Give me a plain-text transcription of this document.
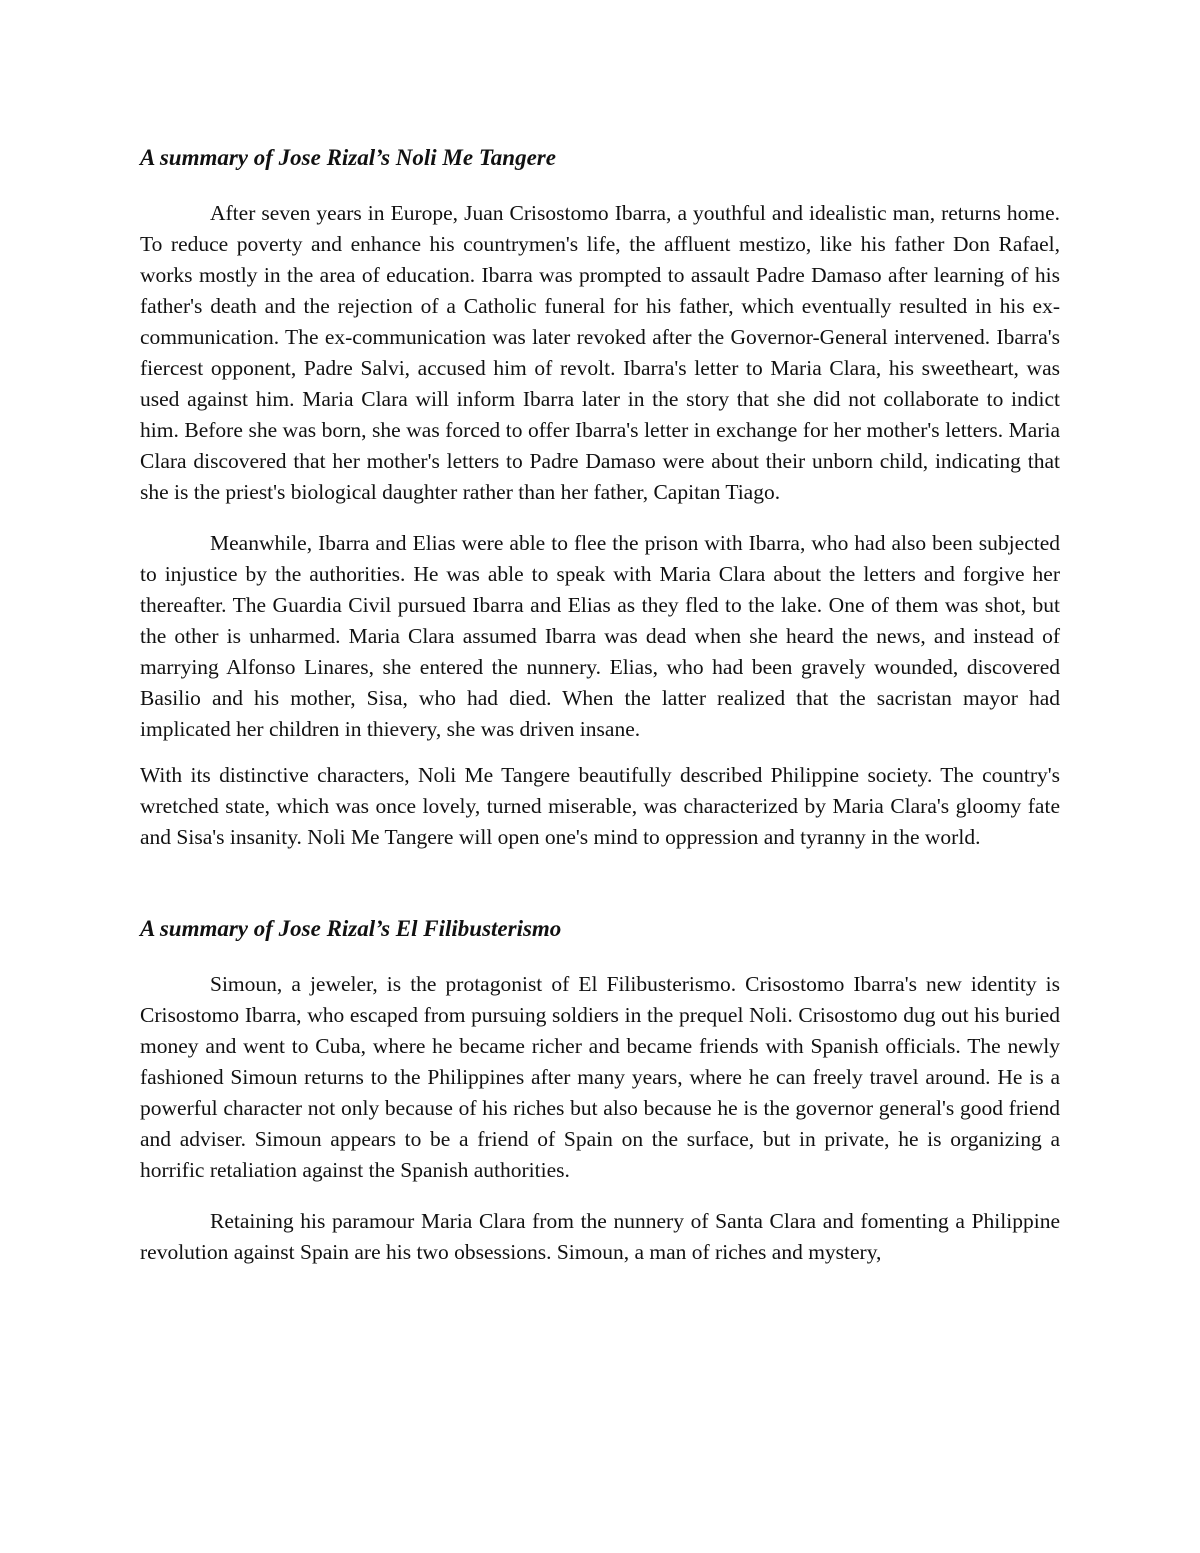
A summary of Jose Rizal’s Noli Me Tangere

After seven years in Europe, Juan Crisostomo Ibarra, a youthful and idealistic man, returns home. To reduce poverty and enhance his countrymen's life, the affluent mestizo, like his father Don Rafael, works mostly in the area of education. Ibarra was prompted to assault Padre Damaso after learning of his father's death and the rejection of a Catholic funeral for his father, which eventually resulted in his ex-communication. The ex-communication was later revoked after the Governor-General intervened. Ibarra's fiercest opponent, Padre Salvi, accused him of revolt. Ibarra's letter to Maria Clara, his sweetheart, was used against him. Maria Clara will inform Ibarra later in the story that she did not collaborate to indict him. Before she was born, she was forced to offer Ibarra's letter in exchange for her mother's letters. Maria Clara discovered that her mother's letters to Padre Damaso were about their unborn child, indicating that she is the priest's biological daughter rather than her father, Capitan Tiago.

Meanwhile, Ibarra and Elias were able to flee the prison with Ibarra, who had also been subjected to injustice by the authorities. He was able to speak with Maria Clara about the letters and forgive her thereafter. The Guardia Civil pursued Ibarra and Elias as they fled to the lake. One of them was shot, but the other is unharmed. Maria Clara assumed Ibarra was dead when she heard the news, and instead of marrying Alfonso Linares, she entered the nunnery. Elias, who had been gravely wounded, discovered Basilio and his mother, Sisa, who had died. When the latter realized that the sacristan mayor had implicated her children in thievery, she was driven insane.

With its distinctive characters, Noli Me Tangere beautifully described Philippine society. The country's wretched state, which was once lovely, turned miserable, was characterized by Maria Clara's gloomy fate and Sisa's insanity. Noli Me Tangere will open one's mind to oppression and tyranny in the world.

A summary of Jose Rizal’s El Filibusterismo

Simoun, a jeweler, is the protagonist of El Filibusterismo. Crisostomo Ibarra's new identity is Crisostomo Ibarra, who escaped from pursuing soldiers in the prequel Noli. Crisostomo dug out his buried money and went to Cuba, where he became richer and became friends with Spanish officials. The newly fashioned Simoun returns to the Philippines after many years, where he can freely travel around. He is a powerful character not only because of his riches but also because he is the governor general's good friend and adviser. Simoun appears to be a friend of Spain on the surface, but in private, he is organizing a horrific retaliation against the Spanish authorities.

Retaining his paramour Maria Clara from the nunnery of Santa Clara and fomenting a Philippine revolution against Spain are his two obsessions. Simoun, a man of riches and mystery,
